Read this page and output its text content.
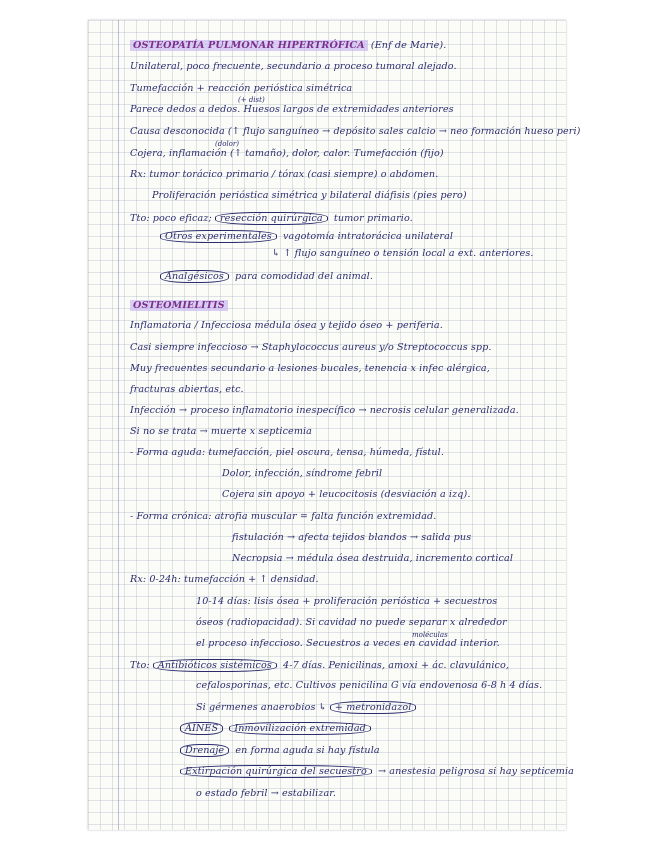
OSTEOPATÍA PULMONAR HIPERTRÓFICA (Enf de Marie).
Unilateral, poco frecuente, secundario a proceso tumoral alejado.
Tumefacción + reacción perióstica simétrica
Parece dedos a dedos. Huesos largos de extremidades anteriores
(+ dist)
Causa desconocida (↑ flujo sanguíneo → depósito sales calcio → neo formación hueso peri)
Cojera, inflamación (↑ tamaño), dolor, calor. Tumefacción (fijo)
(dolor)
Rx: tumor torácico primario / tórax (casi siempre) o abdomen.
Proliferación perióstica simétrica y bilateral diáfisis (pies pero)
Tto: poco eficaz; resección quirúrgica tumor primario.
Otros experimentales vagotomía intratorácica unilateral
↳ ↑ flujo sanguíneo o tensión local a ext. anteriores.
Analgésicos para comodidad del animal.
OSTEOMIELITIS
Inflamatoria / Infecciosa médula ósea y tejido óseo + periferia.
Casi siempre infeccioso → Staphylococcus aureus y/o Streptococcus spp.
Muy frecuentes secundario a lesiones bucales, tenencia x infec alérgica,
fracturas abiertas, etc.
Infección → proceso inflamatorio inespecífico → necrosis celular generalizada.
Si no se trata → muerte x septicemia
- Forma aguda: tumefacción, piel oscura, tensa, húmeda, fístul.
Dolor, infección, síndrome febril
Cojera sin apoyo + leucocitosis (desviación a izq).
- Forma crónica: atrofia muscular = falta función extremidad.
fistulación → afecta tejidos blandos → salida pus
Necropsia → médula ósea destruida, incremento cortical
Rx: 0-24h: tumefacción + ↑ densidad.
10-14 días: lisis ósea + proliferación perióstica + secuestros
óseos (radiopacidad). Si cavidad no puede separar x alrededor
el proceso infeccioso. Secuestros a veces en cavidad interior.
moléculas
Tto: Antibióticos sistémicos 4-7 días. Penicilinas, amoxi + ác. clavulánico,
cefalosporinas, etc. Cultivos penicilina G vía endovenosa 6-8 h 4 días.
Si gérmenes anaerobios ↳ + metronidazol
AINES Inmovilización extremidad
Drenaje en forma aguda si hay fístula
Extirpación quirúrgica del secuestro → anestesia peligrosa si hay septicemia
o estado febril → estabilizar.
